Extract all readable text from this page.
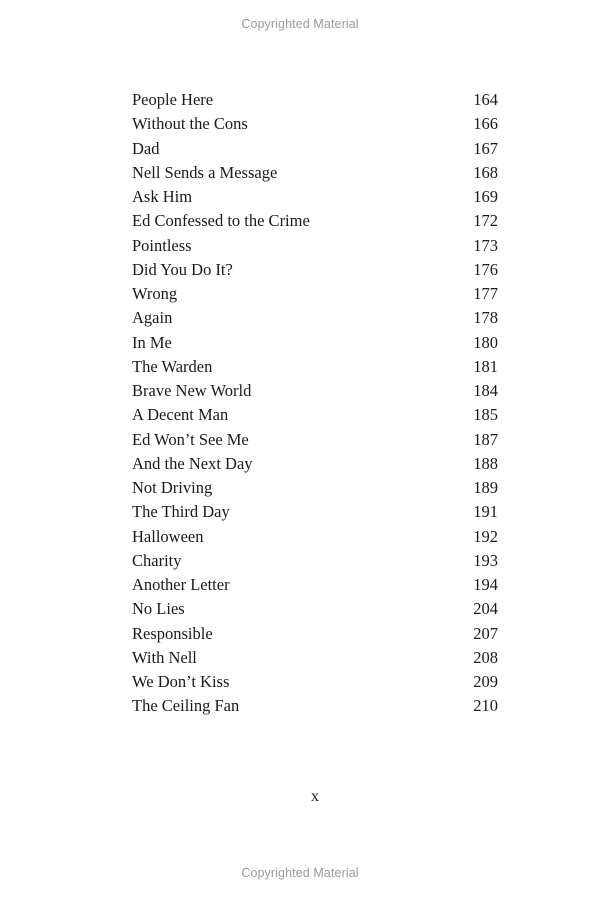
Copyrighted Material
People Here	164
Without the Cons	166
Dad	167
Nell Sends a Message	168
Ask Him	169
Ed Confessed to the Crime	172
Pointless	173
Did You Do It?	176
Wrong	177
Again	178
In Me	180
The Warden	181
Brave New World	184
A Decent Man	185
Ed Won’t See Me	187
And the Next Day	188
Not Driving	189
The Third Day	191
Halloween	192
Charity	193
Another Letter	194
No Lies	204
Responsible	207
With Nell	208
We Don’t Kiss	209
The Ceiling Fan	210
x
Copyrighted Material
